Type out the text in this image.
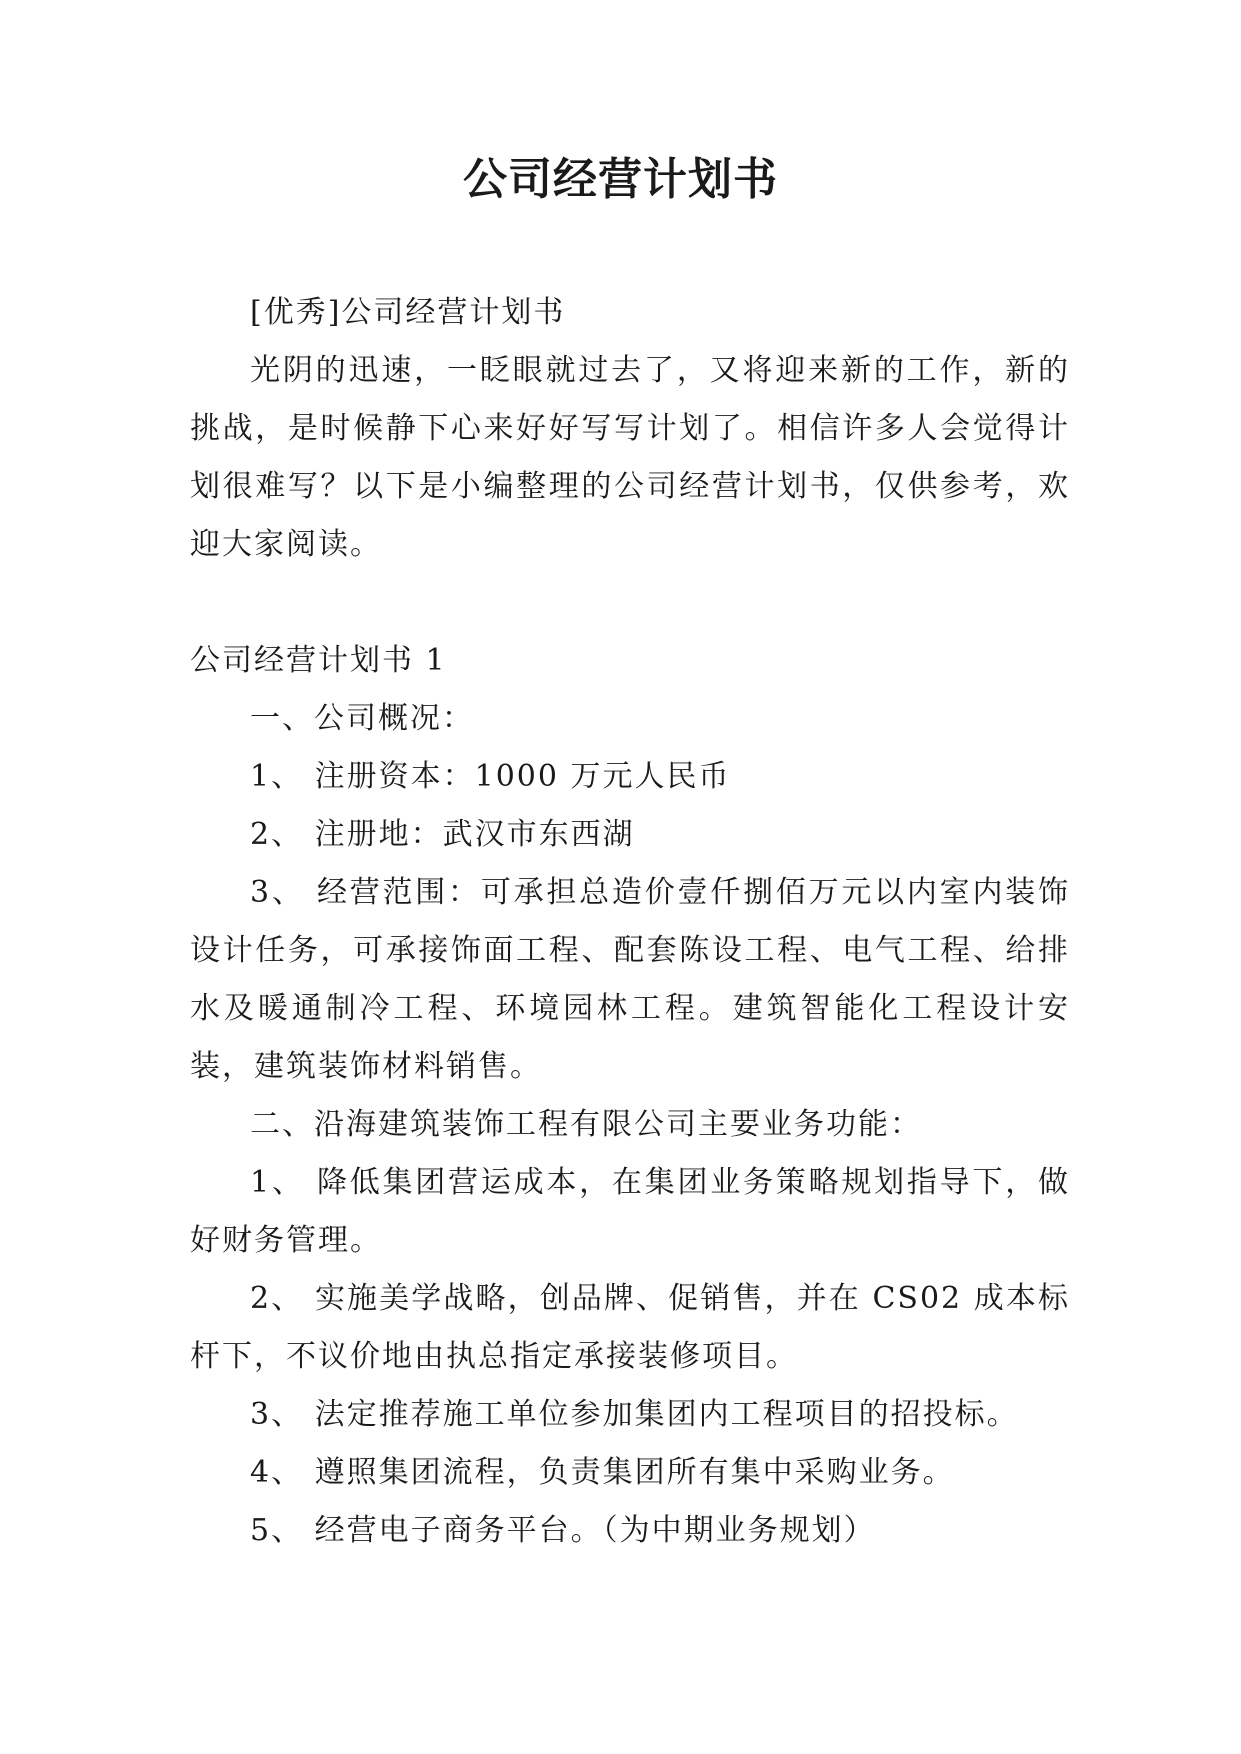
公司经营计划书

[优秀]公司经营计划书

光阴的迅速，一眨眼就过去了，又将迎来新的工作，新的挑战，是时候静下心来好好写写计划了。相信许多人会觉得计划很难写？以下是小编整理的公司经营计划书，仅供参考，欢迎大家阅读。

公司经营计划书 1

一、公司概况：

1、 注册资本：1000 万元人民币

2、 注册地：武汉市东西湖

3、 经营范围：可承担总造价壹仟捌佰万元以内室内装饰设计任务，可承接饰面工程、配套陈设工程、电气工程、给排水及暖通制冷工程、环境园林工程。建筑智能化工程设计安装，建筑装饰材料销售。

二、沿海建筑装饰工程有限公司主要业务功能：

1、 降低集团营运成本，在集团业务策略规划指导下，做好财务管理。

2、 实施美学战略，创品牌、促销售，并在 CS02 成本标杆下，不议价地由执总指定承接装修项目。

3、 法定推荐施工单位参加集团内工程项目的招投标。

4、 遵照集团流程，负责集团所有集中采购业务。

5、 经营电子商务平台。（为中期业务规划）
